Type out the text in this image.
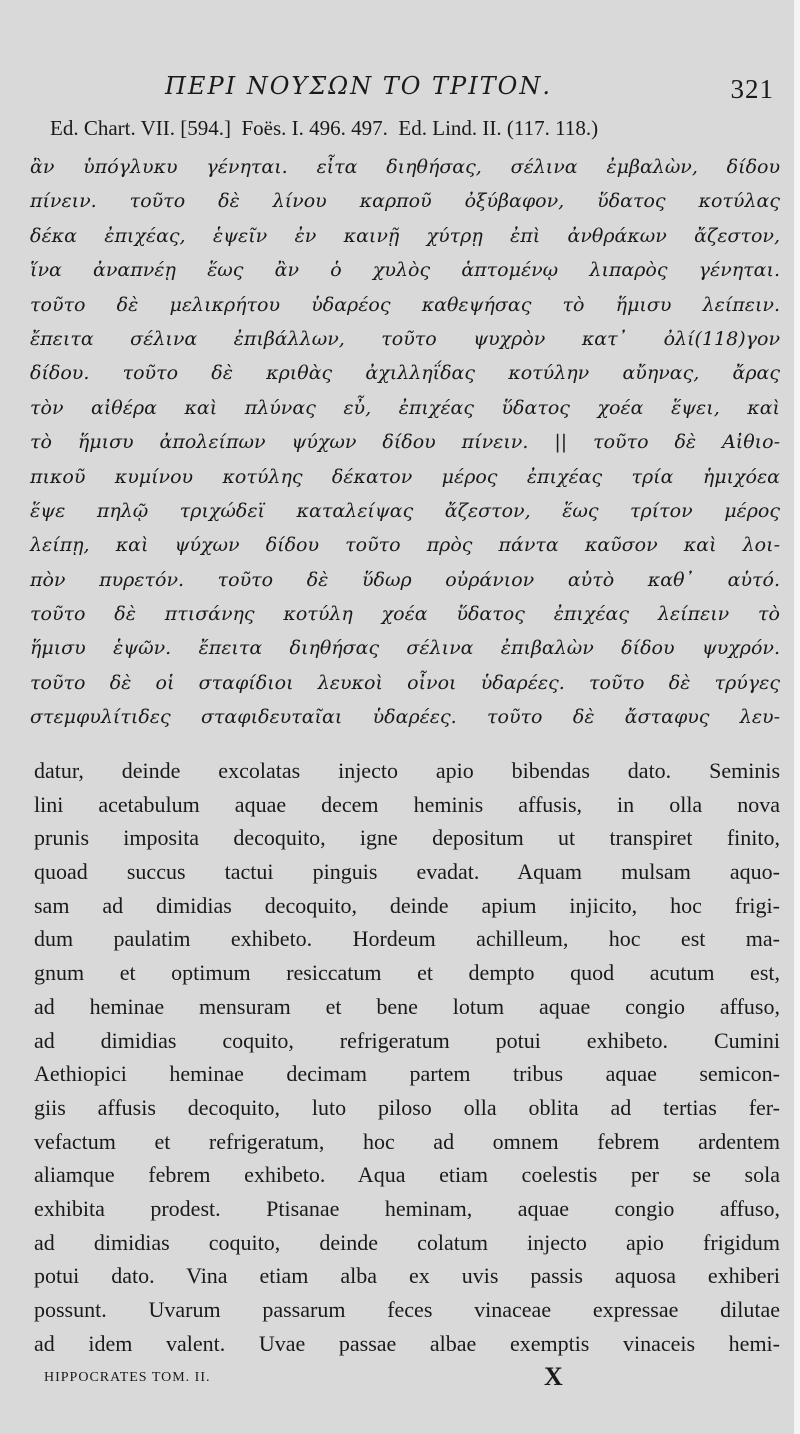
ΠΕΡΙ ΝΟΥΣΩΝ ΤΟ ΤΡΙΤΟΝ.	321
Ed. Chart. VII. [594.]  Foës. I. 496. 497.  Ed. Lind. II. (117. 118.)
ἂν ὑπόγλυκυ γένηται. εἶτα διηθήσας, σέλινα ἐμβαλὼν, δίδου
πίνειν. τοῦτο δὲ λίνου καρποῦ ὀξύβαφον, ὕδατος κοτύλας
δέκα ἐπιχέας, ἑψεῖν ἐν καινῇ χύτρῃ ἐπὶ ἀνθράκων ἄζεστον,
ἵνα ἀναπνέῃ ἕως ἂν ὁ χυλὸς ἁπτομένῳ λιπαρὸς γένηται.
τοῦτο δὲ μελικρήτου ὑδαρέος καθεψήσας τὸ ἥμισυ λείπειν.
ἔπειτα σέλινα ἐπιβάλλων, τοῦτο ψυχρὸν κατ᾽ ὀλί(118)γον
δίδου. τοῦτο δὲ κριθὰς ἀχιλληΐδας κοτύλην αὔηνας, ἄρας
τὸν αἰθέρα καὶ πλύνας εὖ, ἐπιχέας ὕδατος χοέα ἕψει, καὶ
τὸ ἥμισυ ἀπολείπων ψύχων δίδου πίνειν. || τοῦτο δὲ Αἰθιο-
πικοῦ κυμίνου κοτύλης δέκατον μέρος ἐπιχέας τρία ἡμιχόεα
ἕψε πηλῷ τριχώδεϊ καταλείψας ἄζεστον, ἕως τρίτον μέρος
λείπῃ, καὶ ψύχων δίδου τοῦτο πρὸς πάντα καῦσον καὶ λοι-
πὸν πυρετόν. τοῦτο δὲ ὕδωρ οὐράνιον αὐτὸ καθ᾽ αὑτό.
τοῦτο δὲ πτισάνης κοτύλη χοέα ὕδατος ἐπιχέας λείπειν τὸ
ἥμισυ ἑψῶν. ἔπειτα διηθήσας σέλινα ἐπιβαλὼν δίδου ψυχρόν.
τοῦτο δὲ οἱ σταφίδιοι λευκοὶ οἶνοι ὑδαρέες. τοῦτο δὲ τρύγες
στεμφυλίτιδες σταφιδευταῖαι ὑδαρέες. τοῦτο δὲ ἄσταφυς λευ-
datur, deinde excolatas injecto apio bibendas dato. Seminis
lini acetabulum aquae decem heminis affusis, in olla nova
prunis imposita decoquito, igne depositum ut transpiret finito,
quoad succus tactui pinguis evadat. Aquam mulsam aquo-
sam ad dimidias decoquito, deinde apium injicito, hoc frigi-
dum paulatim exhibeto. Hordeum achilleum, hoc est ma-
gnum et optimum resiccatum et dempto quod acutum est,
ad heminae mensuram et bene lotum aquae congio affuso,
ad dimidias coquito, refrigeratum potui exhibeto. Cumini
Aethiopici heminae decimam partem tribus aquae semicon-
giis affusis decoquito, luto piloso olla oblita ad tertias fer-
vefactum et refrigeratum, hoc ad omnem febrem ardentem
aliamque febrem exhibeto. Aqua etiam coelestis per se sola
exhibita prodest. Ptisanae heminam, aquae congio affuso,
ad dimidias coquito, deinde colatum injecto apio frigidum
potui dato. Vina etiam alba ex uvis passis aquosa exhiberi
possunt. Uvarum passarum feces vinaceae expressae dilutae
ad idem valent. Uvae passae albae exemptis vinaceis hemi-
HIPPOCRATES TOM. II.	X
